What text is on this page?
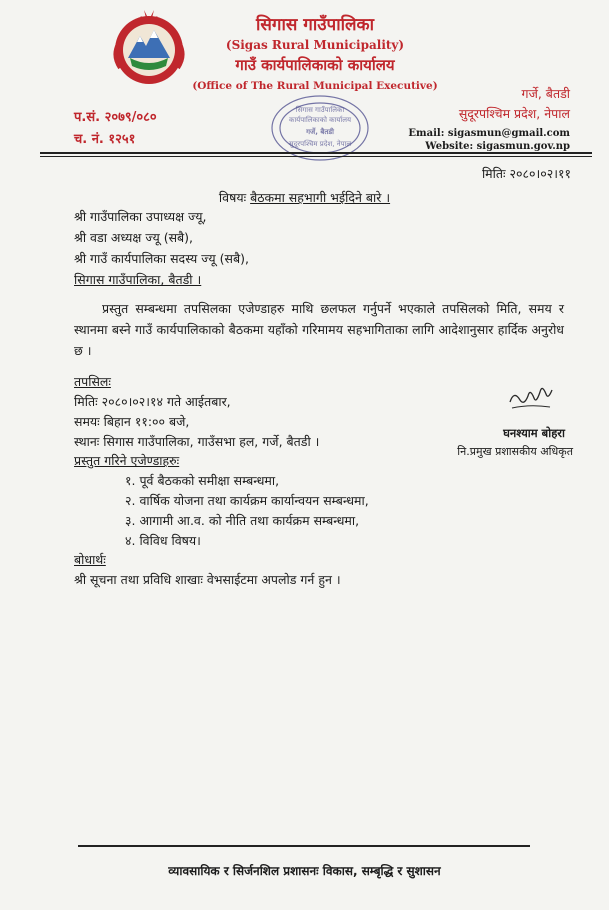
सिगास गाउँपालिका
(Sigas Rural Municipality)
गाउँ कार्यपालिकाको कार्यालय
(Office of The Rural Municipal Executive)
प.सं. २०७९/०८०
च. नं. १२५१
गर्जे, बैतडी
सुदूरपश्चिम प्रदेश, नेपाल
Email: sigasmun@gmail.com
Website: sigasmun.gov.np
सिगास गाउँपालिका
कार्यपालिकाको कार्यालय
गर्जे, बैतडी
सुदूरपश्चिम प्रदेश, नेपाल
मितिः २०८०।०२।११
विषयः बैठकमा सहभागी भईदिने बारे ।
श्री गाउँपालिका उपाध्यक्ष ज्यू,
श्री वडा अध्यक्ष ज्यू (सबै),
श्री गाउँ कार्यपालिका सदस्य ज्यू (सबै),
सिगास गाउँपालिका, बैतडी ।
प्रस्तुत सम्बन्धमा तपसिलका एजेण्डाहरु माथि छलफल गर्नुपर्ने भएकाले तपसिलको मिति, समय र स्थानमा बस्ने गाउँ कार्यपालिकाको बैठकमा यहाँको गरिमामय सहभागिताका लागि आदेशानुसार हार्दिक अनुरोध छ ।
तपसिलः
मितिः २०८०।०२।१४ गते आईतबार,
समयः बिहान ११:०० बजे,
स्थानः सिगास गाउँपालिका, गाउँसभा हल, गर्जे, बैतडी ।
प्रस्तुत गरिने एजेण्डाहरुः
१. पूर्व बैठकको समीक्षा सम्बन्धमा,
२. वार्षिक योजना तथा कार्यक्रम कार्यान्वयन सम्बन्धमा,
३. आगामी आ.व. को नीति तथा कार्यक्रम सम्बन्धमा,
४. विविध विषय।
बोधार्थः
श्री सूचना तथा प्रविधि शाखाः वेभसाईटमा अपलोड गर्न हुन ।
घनश्याम बोहरा
नि.प्रमुख प्रशासकीय अधिकृत
व्यावसायिक र सिर्जनशिल प्रशासनः विकास, सम्बृद्धि र सुशासन
